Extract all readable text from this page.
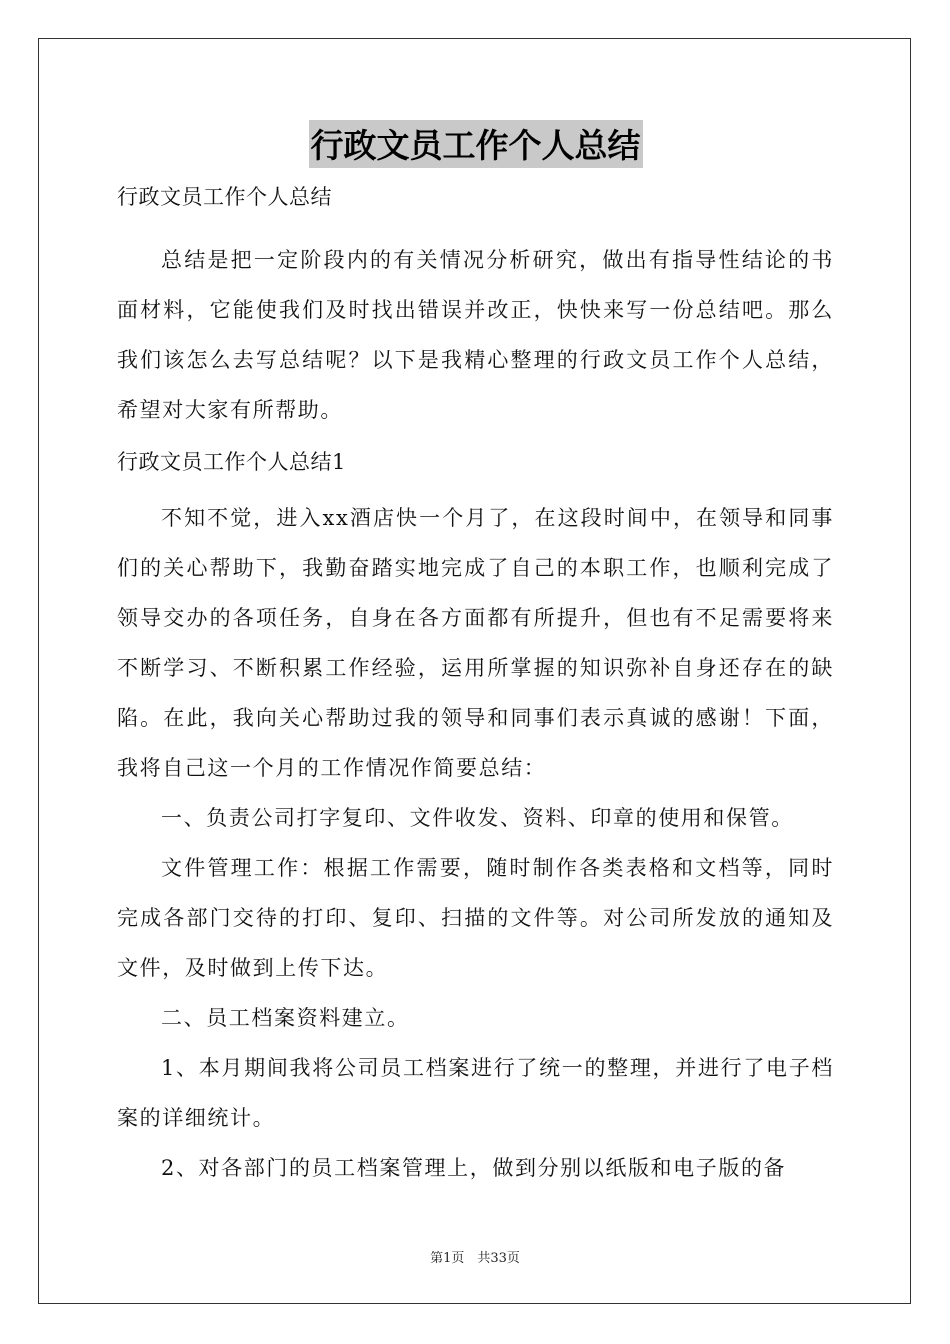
行政文员工作个人总结

行政文员工作个人总结

总结是把一定阶段内的有关情况分析研究，做出有指导性结论的书面材料，它能使我们及时找出错误并改正，快快来写一份总结吧。那么我们该怎么去写总结呢？以下是我精心整理的行政文员工作个人总结，希望对大家有所帮助。

行政文员工作个人总结1

不知不觉，进入xx酒店快一个月了，在这段时间中，在领导和同事们的关心帮助下，我勤奋踏实地完成了自己的本职工作，也顺利完成了领导交办的各项任务，自身在各方面都有所提升，但也有不足需要将来不断学习、不断积累工作经验，运用所掌握的知识弥补自身还存在的缺陷。在此，我向关心帮助过我的领导和同事们表示真诚的感谢！下面，我将自己这一个月的工作情况作简要总结：

一、负责公司打字复印、文件收发、资料、印章的使用和保管。

文件管理工作：根据工作需要，随时制作各类表格和文档等，同时完成各部门交待的打印、复印、扫描的文件等。对公司所发放的通知及文件，及时做到上传下达。

二、员工档案资料建立。

1、本月期间我将公司员工档案进行了统一的整理，并进行了电子档案的详细统计。

2、对各部门的员工档案管理上，做到分别以纸版和电子版的备

第1页　共33页
